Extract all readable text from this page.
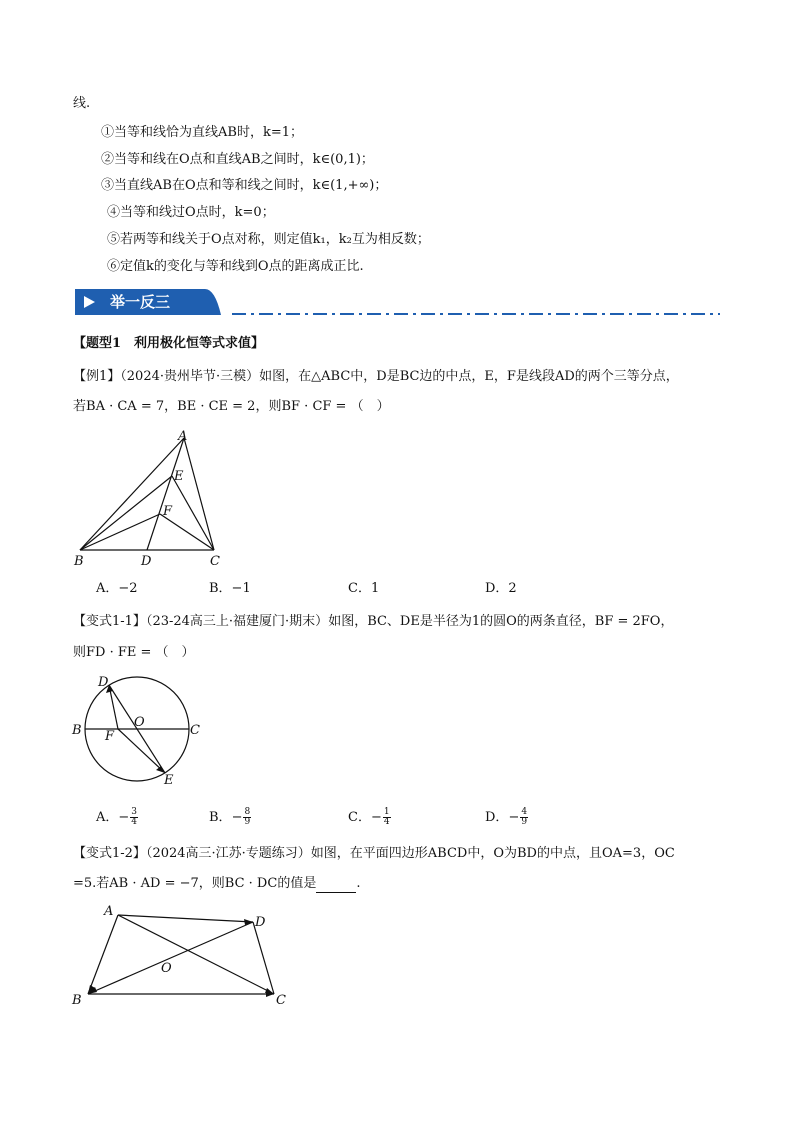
线.
①当等和线恰为直线AB时，k=1；
②当等和线在O点和直线AB之间时，k∈(0,1)；
③当直线AB在O点和等和线之间时，k∈(1,+∞)；
④当等和线过O点时，k=0；
⑤若两等和线关于O点对称，则定值k₁，k₂互为相反数；
⑥定值k的变化与等和线到O点的距离成正比.
举一反三
【题型1　利用极化恒等式求值】
【例1】（2024·贵州毕节·三模）如图，在△ABC中，D是BC边的中点，E，F是线段AD的两个三等分点，
若BA · CA = 7，BE · CE = 2，则BF · CF = （　）
A
E
F
B	D	C
A．−2	B．−1	C．1	D．2
【变式1-1】（23-24高三上·福建厦门·期末）如图，BC、DE是半径为1的圆O的两条直径，BF = 2FO，
则FD · FE = （　）
D
O
B	C
F
E
A．− $\frac{3}{4}$	B．− $\frac{8}{9}$	C．− $\frac{1}{4}$	D．− $\frac{4}{9}$
【变式1-2】（2024高三·江苏·专题练习）如图，在平面四边形ABCD中，O为BD的中点，且OA=3，OC
=5.若AB · AD = −7，则BC · DC的值是	.
A
D
O
B	C
